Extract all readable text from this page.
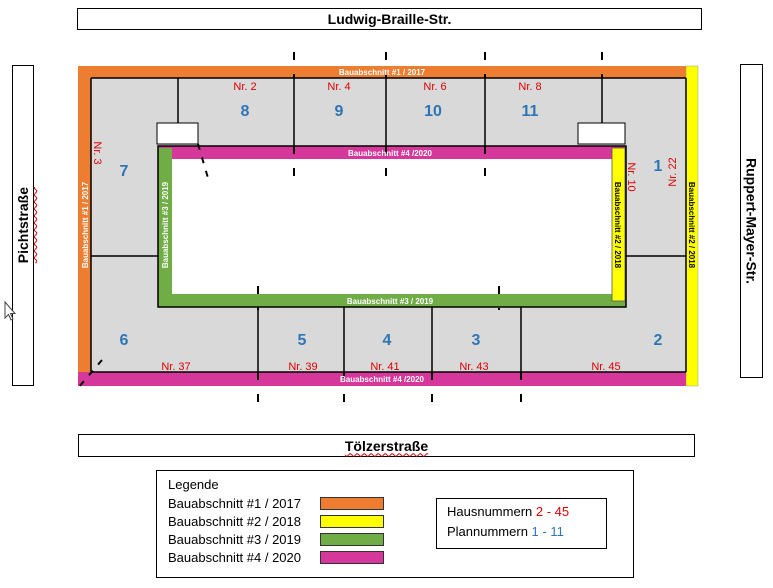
Ludwig-Braille-Str.
Tölzerstraße
Pichtstraße	Ruppert-Mayer-Str.
Bauabschnitt #1 / 2017
Bauabschnitt #4 /2020
Bauabschnitt #4 /2020
Bauabschnitt #3 / 2019
Bauabschnitt #1 / 2017	Bauabschnitt #3 / 2019	Bauabschnitt #2 / 2018
Bauabschnitt #2 / 2018
Nr. 2	Nr. 4	Nr. 6	Nr. 8
Nr. 37	Nr. 39	Nr. 41	Nr. 43	Nr. 45
Nr. 3
Nr. 10	Nr. 22
1
2
3
4
5
6
7
8	9	10	11
Legende
Bauabschnitt #1 / 2017
Bauabschnitt #2 / 2018
Bauabschnitt #3 / 2019
Bauabschnitt #4 / 2020
Hausnummern 2 - 45
Plannummern 1 - 11
